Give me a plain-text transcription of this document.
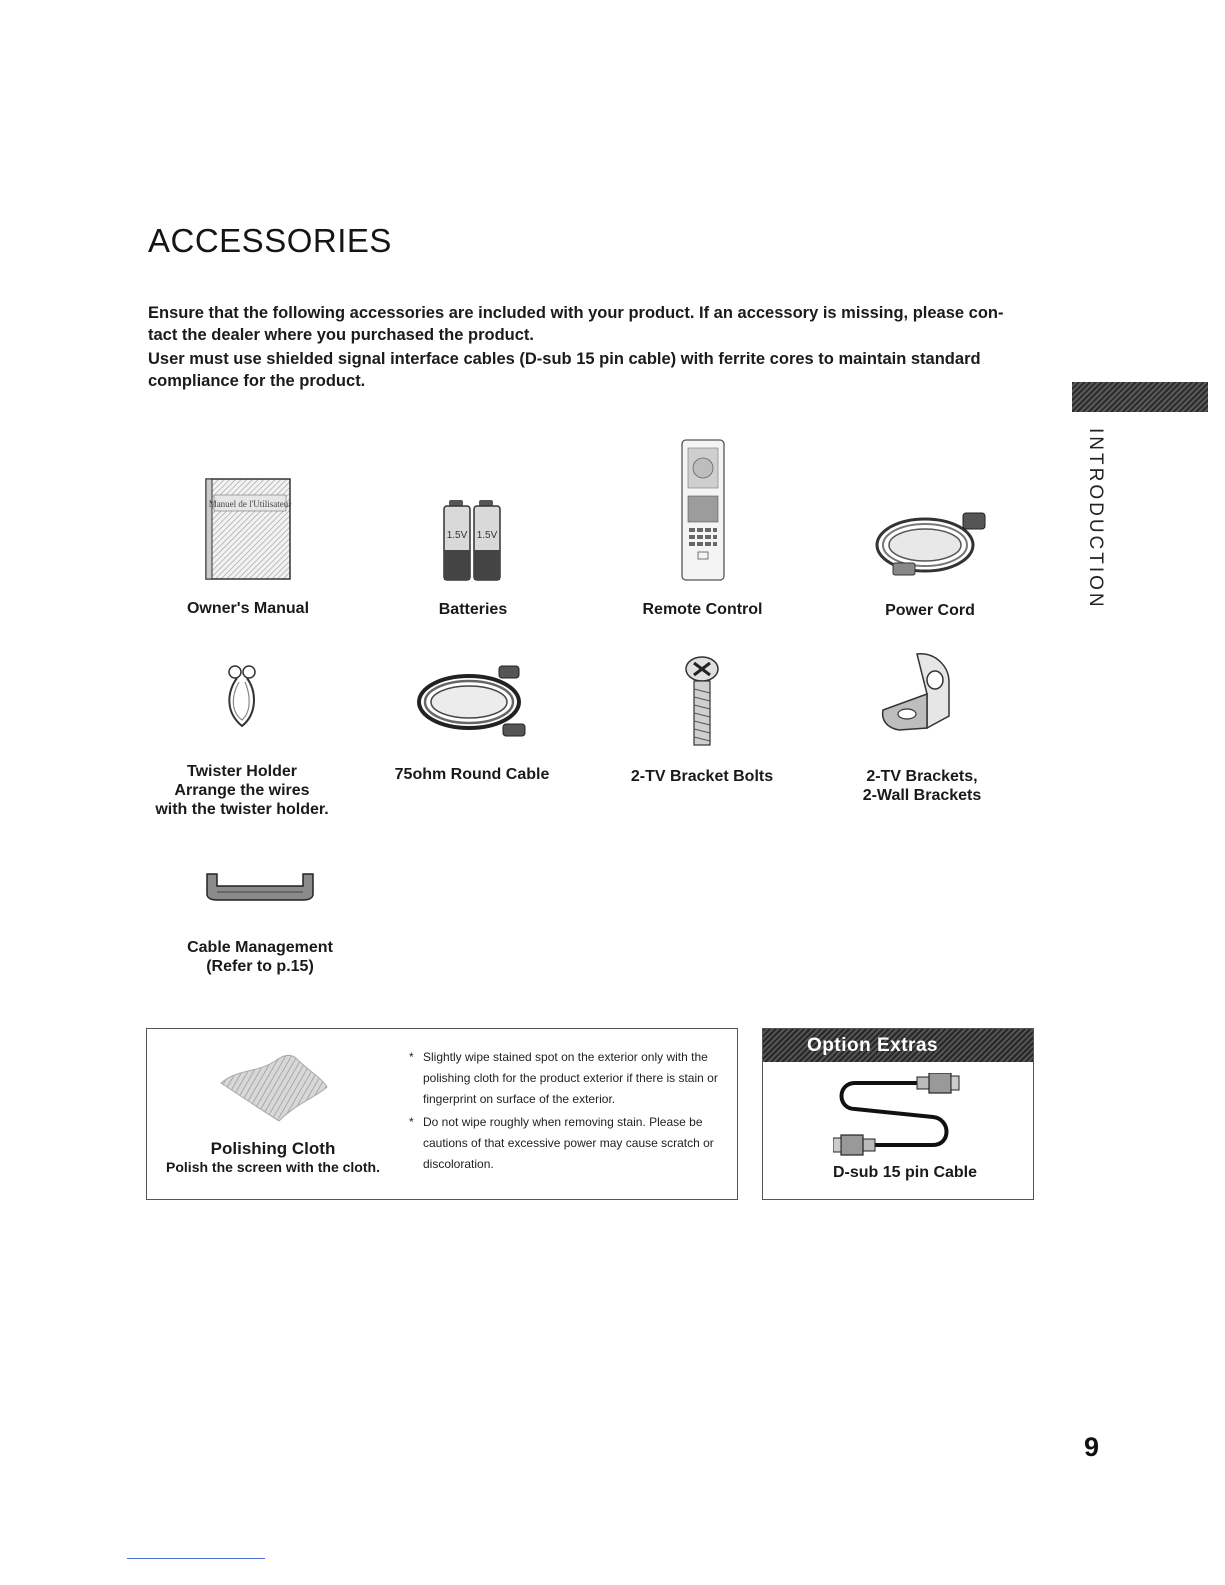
ACCESSORIES

Ensure that the following accessories are included with your product. If an accessory is missing, please con-tact the dealer where you purchased the product.

User must use shielded signal interface cables (D-sub 15 pin cable) with ferrite cores to maintain standard compliance for the product.

INTRODUCTION
Manuel de l'Utilisateur
Owner's Manual
1.5V 1.5V
Batteries	Remote Control	Power Cord
Twister Holder
Arrange the wires
with the twister holder.
75ohm Round Cable	2-TV Bracket Bolts	2-TV Brackets,
2-Wall Brackets
Cable Management
(Refer to p.15)
Polishing Cloth
Polish the screen with the cloth.
* Slightly wipe stained spot on the exterior only with the polishing cloth for the product exterior if there is stain or fingerprint on surface of the exterior.
* Do not wipe roughly when removing stain. Please be cautions of that excessive power may cause scratch or discoloration.
Option Extras
D-sub 15 pin Cable
9
